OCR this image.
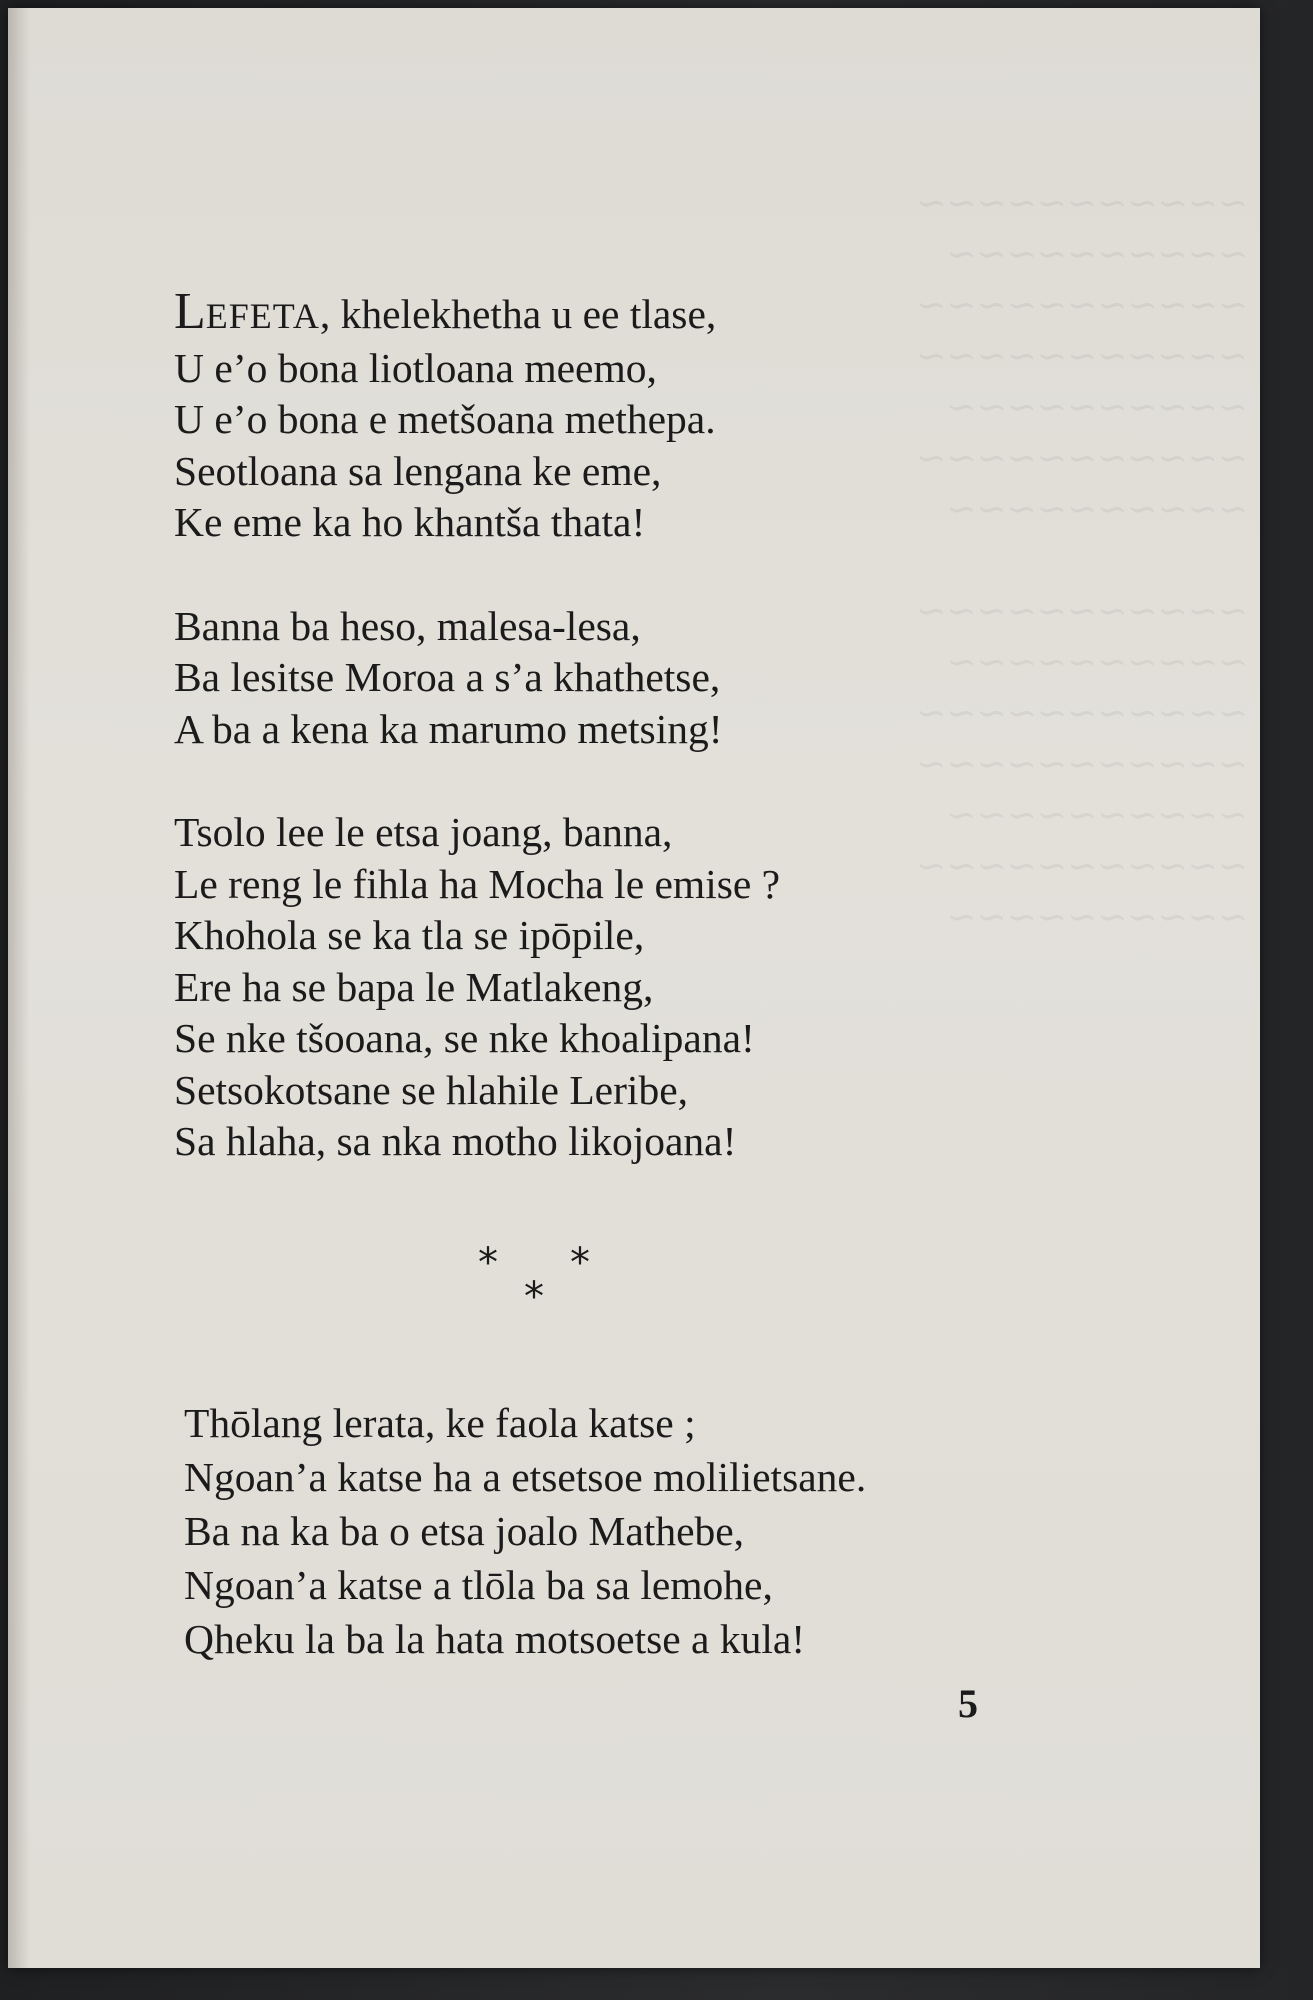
~~~~~~~~~~~
~~~~~~~~~~
~~~~~~~~~~~
~~~~~~~~~~~
~~~~~~~~~~
~~~~~~~~~~~
~~~~~~~~~~

~~~~~~~~~~~
~~~~~~~~~~
~~~~~~~~~~~
~~~~~~~~~~~
~~~~~~~~~~
~~~~~~~~~~~
~~~~~~~~~~
LEFETA, khelekhetha u ee tlase,
U e’o bona liotloana meemo,
U e’o bona e metšoana methepa.
Seotloana sa lengana ke eme,
Ke eme ka ho khantša thata!
Banna ba heso, malesa-lesa,
Ba lesitse Moroa a s’a khathetse,
A ba a kena ka marumo metsing!
Tsolo lee le etsa joang, banna,
Le reng le fihla ha Mocha le emise ?
Khohola se ka tla se ipōpile,
Ere ha se bapa le Matlakeng,
Se nke tšooana, se nke khoalipana!
Setsokotsane se hlahile Leribe,
Sa hlaha, sa nka motho likojoana!
* *
*
Thōlang lerata, ke faola katse ;
Ngoan’a katse ha a etsetsoe molilietsane.
Ba na ka ba o etsa joalo Mathebe,
Ngoan’a katse a tlōla ba sa lemohe,
Qheku la ba la hata motsoetse a kula!
5
